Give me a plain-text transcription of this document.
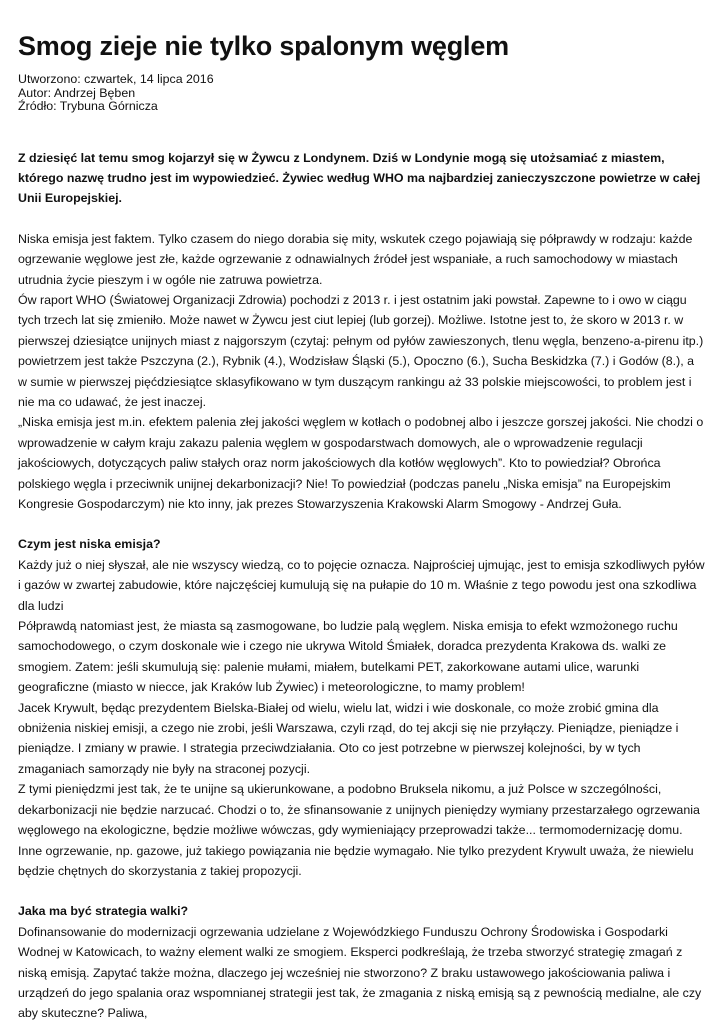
Smog zieje nie tylko spalonym węglem
Utworzono: czwartek, 14 lipca 2016
Autor: Andrzej Bęben
Źródło: Trybuna Górnicza

Z dziesięć lat temu smog kojarzył się w Żywcu z Londynem. Dziś w Londynie mogą się utożsamiać z miastem, którego nazwę trudno jest im wypowiedzieć. Żywiec według WHO ma najbardziej zanieczyszczone powietrze w całej Unii Europejskiej.

Niska emisja jest faktem. Tylko czasem do niego dorabia się mity, wskutek czego pojawiają się półprawdy w rodzaju: każde ogrzewanie węglowe jest złe, każde ogrzewanie z odnawialnych źródeł jest wspaniałe, a ruch samochodowy w miastach utrudnia życie pieszym i w ogóle nie zatruwa powietrza.

Ów raport WHO (Światowej Organizacji Zdrowia) pochodzi z 2013 r. i jest ostatnim jaki powstał. Zapewne to i owo w ciągu tych trzech lat się zmieniło. Może nawet w Żywcu jest ciut lepiej (lub gorzej). Możliwe. Istotne jest to, że skoro w 2013 r. w pierwszej dziesiątce unijnych miast z najgorszym (czytaj: pełnym od pyłów zawieszonych, tlenu węgla, benzeno-a-pirenu itp.) powietrzem jest także Pszczyna (2.), Rybnik (4.), Wodzisław Śląski (5.), Opoczno (6.), Sucha Beskidzka (7.) i Godów (8.), a w sumie w pierwszej pięćdziesiątce sklasyfikowano w tym duszącym rankingu aż 33 polskie miejscowości, to problem jest i nie ma co udawać, że jest inaczej.

„Niska emisja jest m.in. efektem palenia złej jakości węglem w kotłach o podobnej albo i jeszcze gorszej jakości. Nie chodzi o wprowadzenie w całym kraju zakazu palenia węglem w gospodarstwach domowych, ale o wprowadzenie regulacji jakościowych, dotyczących paliw stałych oraz norm jakościowych dla kotłów węglowych”. Kto to powiedział? Obrońca polskiego węgla i przeciwnik unijnej dekarbonizacji? Nie! To powiedział (podczas panelu „Niska emisja” na Europejskim Kongresie Gospodarczym) nie kto inny, jak prezes Stowarzyszenia Krakowski Alarm Smogowy - Andrzej Guła.

Czym jest niska emisja?

Każdy już o niej słyszał, ale nie wszyscy wiedzą, co to pojęcie oznacza. Najprościej ujmując, jest to emisja szkodliwych pyłów i gazów w zwartej zabudowie, które najczęściej kumulują się na pułapie do 10 m. Właśnie z tego powodu jest ona szkodliwa dla ludzi

Półprawdą natomiast jest, że miasta są zasmogowane, bo ludzie palą węglem. Niska emisja to efekt wzmożonego ruchu samochodowego, o czym doskonale wie i czego nie ukrywa Witold Śmiałek, doradca prezydenta Krakowa ds. walki ze smogiem. Zatem: jeśli skumulują się: palenie mułami, miałem, butelkami PET, zakorkowane autami ulice, warunki geograficzne (miasto w niecce, jak Kraków lub Żywiec) i meteorologiczne, to mamy problem!

Jacek Krywult, będąc prezydentem Bielska-Białej od wielu, wielu lat, widzi i wie doskonale, co może zrobić gmina dla obniżenia niskiej emisji, a czego nie zrobi, jeśli Warszawa, czyli rząd, do tej akcji się nie przyłączy. Pieniądze, pieniądze i pieniądze. I zmiany w prawie. I strategia przeciwdziałania. Oto co jest potrzebne w pierwszej kolejności, by w tych zmaganiach samorządy nie były na straconej pozycji.

Z tymi pieniędzmi jest tak, że te unijne są ukierunkowane, a podobno Bruksela nikomu, a już Polsce w szczególności, dekarbonizacji nie będzie narzucać. Chodzi o to, że sfinansowanie z unijnych pieniędzy wymiany przestarzałego ogrzewania węglowego na ekologiczne, będzie możliwe wówczas, gdy wymieniający przeprowadzi także... termomodernizację domu. Inne ogrzewanie, np. gazowe, już takiego powiązania nie będzie wymagało. Nie tylko prezydent Krywult uważa, że niewielu będzie chętnych do skorzystania z takiej propozycji.

Jaka ma być strategia walki?

Dofinansowanie do modernizacji ogrzewania udzielane z Wojewódzkiego Funduszu Ochrony Środowiska i Gospodarki Wodnej w Katowicach, to ważny element walki ze smogiem. Eksperci podkreślają, że trzeba stworzyć strategię zmagań z niską emisją. Zapytać także można, dlaczego jej wcześniej nie stworzono? Z braku ustawowego jakościowania paliwa i urządzeń do jego spalania oraz wspomnianej strategii jest tak, że zmagania z niską emisją są z pewnością medialne, ale czy aby skuteczne? Paliwa,
